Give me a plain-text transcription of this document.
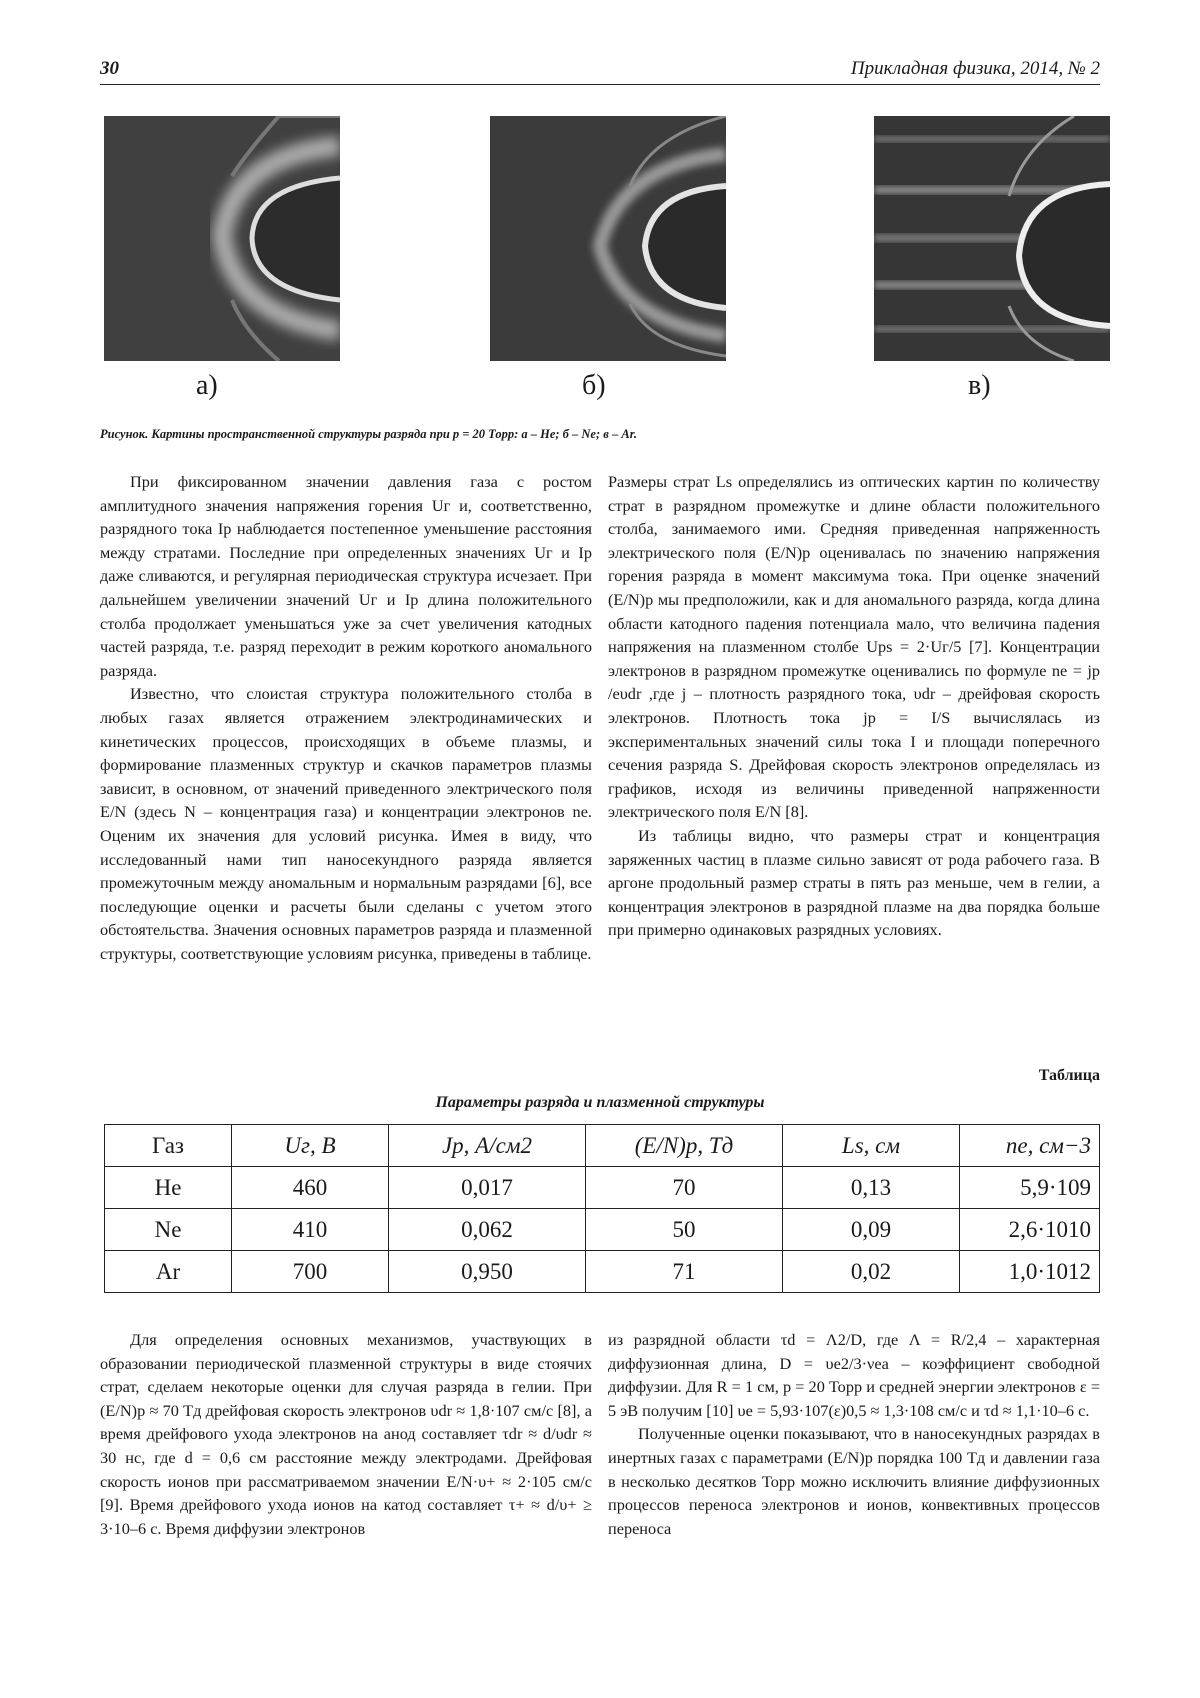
30	Прикладная физика, 2014, № 2
а)	б)	в)
Рисунок. Картины пространственной структуры разряда при p = 20 Торр: а – He; б – Ne; в – Ar.

При фиксированном значении давления газа с ростом амплитудного значения напряжения горения Uг и, соответственно, разрядного тока Iр наблюдается постепенное уменьшение расстояния между стратами. Последние при определенных значениях Uг и Iр даже сливаются, и регулярная периодическая структура исчезает. При дальнейшем увеличении значений Uг и Iр длина положительного столба продолжает уменьшаться уже за счет увеличения катодных частей разряда, т.е. разряд переходит в режим короткого аномального разряда.

Известно, что слоистая структура положительного столба в любых газах является отражением электродинамических и кинетических процессов, происходящих в объеме плазмы, и формирование плазменных структур и скачков параметров плазмы зависит, в основном, от значений приведенного электрического поля E/N (здесь N – концентрация газа) и концентрации электронов ne. Оценим их значения для условий рисунка. Имея в виду, что исследованный нами тип наносекундного разряда является промежуточным между аномальным и нормальным разрядами [6], все последующие оценки и расчеты были сделаны с учетом этого обстоятельства. Значения основных параметров разряда и плазменной структуры, соответствующие условиям рисунка, приведены в таблице.

Размеры страт Ls определялись из оптических картин по количеству страт в разрядном промежутке и длине области положительного столба, занимаемого ими. Средняя приведенная напряженность электрического поля (E/N)р оценивалась по значению напряжения горения разряда в момент максимума тока. При оценке значений (E/N)р мы предположили, как и для аномального разряда, когда длина области катодного падения потенциала мало, что величина падения напряжения на плазменном столбе Ups = 2·Uг/5 [7]. Концентрации электронов в разрядном промежутке оценивались по формуле ne = jp /eυdr ,где j – плотность разрядного тока, υdr – дрейфовая скорость электронов. Плотность тока jp = I/S вычислялась из экспериментальных значений силы тока I и площади поперечного сечения разряда S. Дрейфовая скорость электронов определялась из графиков, исходя из величины приведенной напряженности электрического поля E/N [8].

Из таблицы видно, что размеры страт и концентрация заряженных частиц в плазме сильно зависят от рода рабочего газа. В аргоне продольный размер страты в пять раз меньше, чем в гелии, а концентрация электронов в разрядной плазме на два порядка больше при примерно одинаковых разрядных условиях.

Таблица
Параметры разряда и плазменной структуры
Газ	Uг, В	Jp, А/см2	(E/N)p, Тд	Ls, см	ne, см−3
He	460	0,017	70	0,13	5,9·109
Ne	410	0,062	50	0,09	2,6·1010
Ar	700	0,950	71	0,02	1,0·1012

Для определения основных механизмов, участвующих в образовании периодической плазменной структуры в виде стоячих страт, сделаем некоторые оценки для случая разряда в гелии. При (E/N)р ≈ 70 Тд дрейфовая скорость электронов υdr ≈ 1,8·107 см/с [8], а время дрейфового ухода электронов на анод составляет τdr ≈ d/υdr ≈ 30 нс, где d = 0,6 см расстояние между электродами. Дрейфовая скорость ионов при рассматриваемом значении E/N·υ+ ≈ 2·105 см/с [9]. Время дрейфового ухода ионов на катод составляет τ+ ≈ d/υ+ ≥ 3·10–6 с. Время диффузии электронов

из разрядной области τd = Λ2/D, где Λ = R/2,4 – характерная диффузионная длина, D = υe2/3·νea – коэффициент свободной диффузии. Для R = 1 см, p = 20 Торр и средней энергии электронов ε = 5 эВ получим [10] υe = 5,93·107(ε)0,5 ≈ 1,3·108 см/с и τd ≈ 1,1·10–6 с.

Полученные оценки показывают, что в наносекундных разрядах в инертных газах с параметрами (E/N)р порядка 100 Тд и давлении газа в несколько десятков Торр можно исключить влияние диффузионных процессов переноса электронов и ионов, конвективных процессов переноса
